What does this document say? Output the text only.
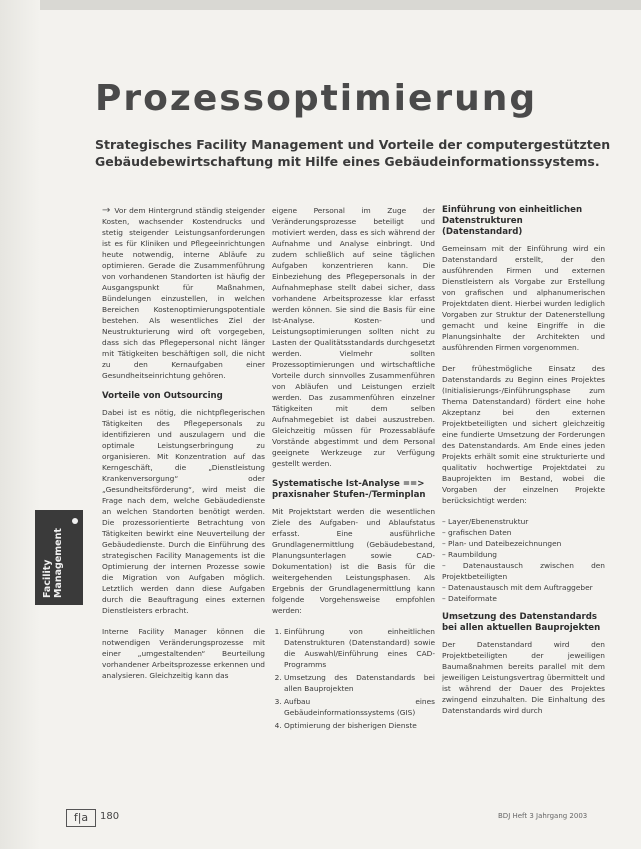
Prozessoptimierung

Strategisches Facility Management und Vorteile der computergestützten Gebäudebewirtschaftung mit Hilfe eines Gebäudeinformationssystems.

Facility Management

→ Vor dem Hintergrund ständig steigender Kosten, wachsender Kostendrucks und stetig steigender Leistungsanforderungen ist es für Kliniken und Pflegeeinrichtungen heute notwendig, interne Abläufe zu optimieren. Gerade die Zusammenführung von vorhandenen Standorten ist häufig der Ausgangspunkt für Maßnahmen, Bündelungen einzustellen, in welchen Bereichen Kostenoptimierungspotentiale bestehen. Als wesentliches Ziel der Neustrukturierung wird oft vorgegeben, dass sich das Pflegepersonal nicht länger mit Tätigkeiten beschäftigen soll, die nicht zu den Kernaufgaben einer Gesundheitseinrichtung gehören.

Vorteile von Outsourcing

Dabei ist es nötig, die nichtpflegerischen Tätigkeiten des Pflegepersonals zu identifizieren und auszulagern und die optimale Leistungserbringung zu organisieren. Mit Konzentration auf das Kerngeschäft, die „Dienstleistung Krankenversorgung“ oder „Gesundheitsförderung“, wird meist die Frage nach dem, welche Gebäudedienste an welchen Standorten benötigt werden. Die prozessorientierte Betrachtung von Tätigkeiten bewirkt eine Neuverteilung der Gebäudedienste. Durch die Einführung des strategischen Facility Managements ist die Optimierung der internen Prozesse sowie die Migration von Aufgaben möglich. Letztlich werden dann diese Aufgaben durch die Beauftragung eines externen Dienstleisters erbracht.

Interne Facility Manager können die notwendigen Veränderungsprozesse mit einer „umgestaltenden“ Beurteilung vorhandener Arbeitsprozesse erkennen und analysieren. Gleichzeitig kann das

eigene Personal im Zuge der Veränderungsprozesse beteiligt und motiviert werden, dass es sich während der Aufnahme und Analyse einbringt. Und zudem schließlich auf seine täglichen Aufgaben konzentrieren kann. Die Einbeziehung des Pflegepersonals in der Aufnahmephase stellt dabei sicher, dass vorhandene Arbeitsprozesse klar erfasst werden können. Sie sind die Basis für eine Ist-Analyse. Kosten- und Leistungsoptimierungen sollten nicht zu Lasten der Qualitätsstandards durchgesetzt werden. Vielmehr sollten Prozessoptimierungen und wirtschaftliche Vorteile durch sinnvolles Zusammenführen von Abläufen und Leistungen erzielt werden. Das zusammenführen einzelner Tätigkeiten mit dem selben Aufnahmegebiet ist dabei auszustreben. Gleichzeitig müssen für Prozessabläufe Vorstände abgestimmt und dem Personal geeignete Werkzeuge zur Verfügung gestellt werden.

Systematische Ist-Analyse ==> praxisnaher Stufen-/Terminplan

Mit Projektstart werden die wesentlichen Ziele des Aufgaben- und Ablaufstatus erfasst. Eine ausführliche Grundlagenermittlung (Gebäudebestand, Planungsunterlagen sowie CAD-Dokumentation) ist die Basis für die weitergehenden Leistungsphasen. Als Ergebnis der Grundlagenermittlung kann folgende Vorgehensweise empfohlen werden:

1. Einführung von einheitlichen Datenstrukturen (Datenstandard) sowie die Auswahl/Einführung eines CAD-Programms
2. Umsetzung des Datenstandards bei allen Bauprojekten
3. Aufbau eines Gebäudeinformationssystems (GIS)
4. Optimierung der bisherigen Dienste
Einführung von einheitlichen Datenstrukturen (Datenstandard)

Gemeinsam mit der Einführung wird ein Datenstandard erstellt, der den ausführenden Firmen und externen Dienstleistern als Vorgabe zur Erstellung von grafischen und alphanumerischen Projektdaten dient. Hierbei wurden lediglich Vorgaben zur Struktur der Datenerstellung gemacht und keine Eingriffe in die Planungsinhalte der Architekten und ausführenden Firmen vorgenommen.

Der frühestmögliche Einsatz des Datenstandards zu Beginn eines Projektes (Initialisierungs-/Einführungsphase zum Thema Datenstandard) fördert eine hohe Akzeptanz bei den externen Projektbeteiligten und sichert gleichzeitig eine fundierte Umsetzung der Forderungen des Datenstandards. Am Ende eines jeden Projekts erhält somit eine strukturierte und qualitativ hochwertige Projektdatei zu Bauprojekten im Bestand, wobei die Vorgaben der einzelnen Projekte berücksichtigt werden:

– Layer/Ebenenstruktur
– grafischen Daten
– Plan- und Dateibezeichnungen
– Raumbildung
– Datenaustausch zwischen den Projektbeteiligten
– Datenaustausch mit dem Auftraggeber
– Dateiformate
Umsetzung des Datenstandards bei allen aktuellen Bauprojekten

Der Datenstandard wird den Projektbeteiligten der jeweiligen Baumaßnahmen bereits parallel mit dem jeweiligen Leistungsvertrag übermittelt und ist während der Dauer des Projektes zwingend einzuhalten. Die Einhaltung des Datenstandards wird durch

f|a	180	BDJ Heft 3 Jahrgang 2003
